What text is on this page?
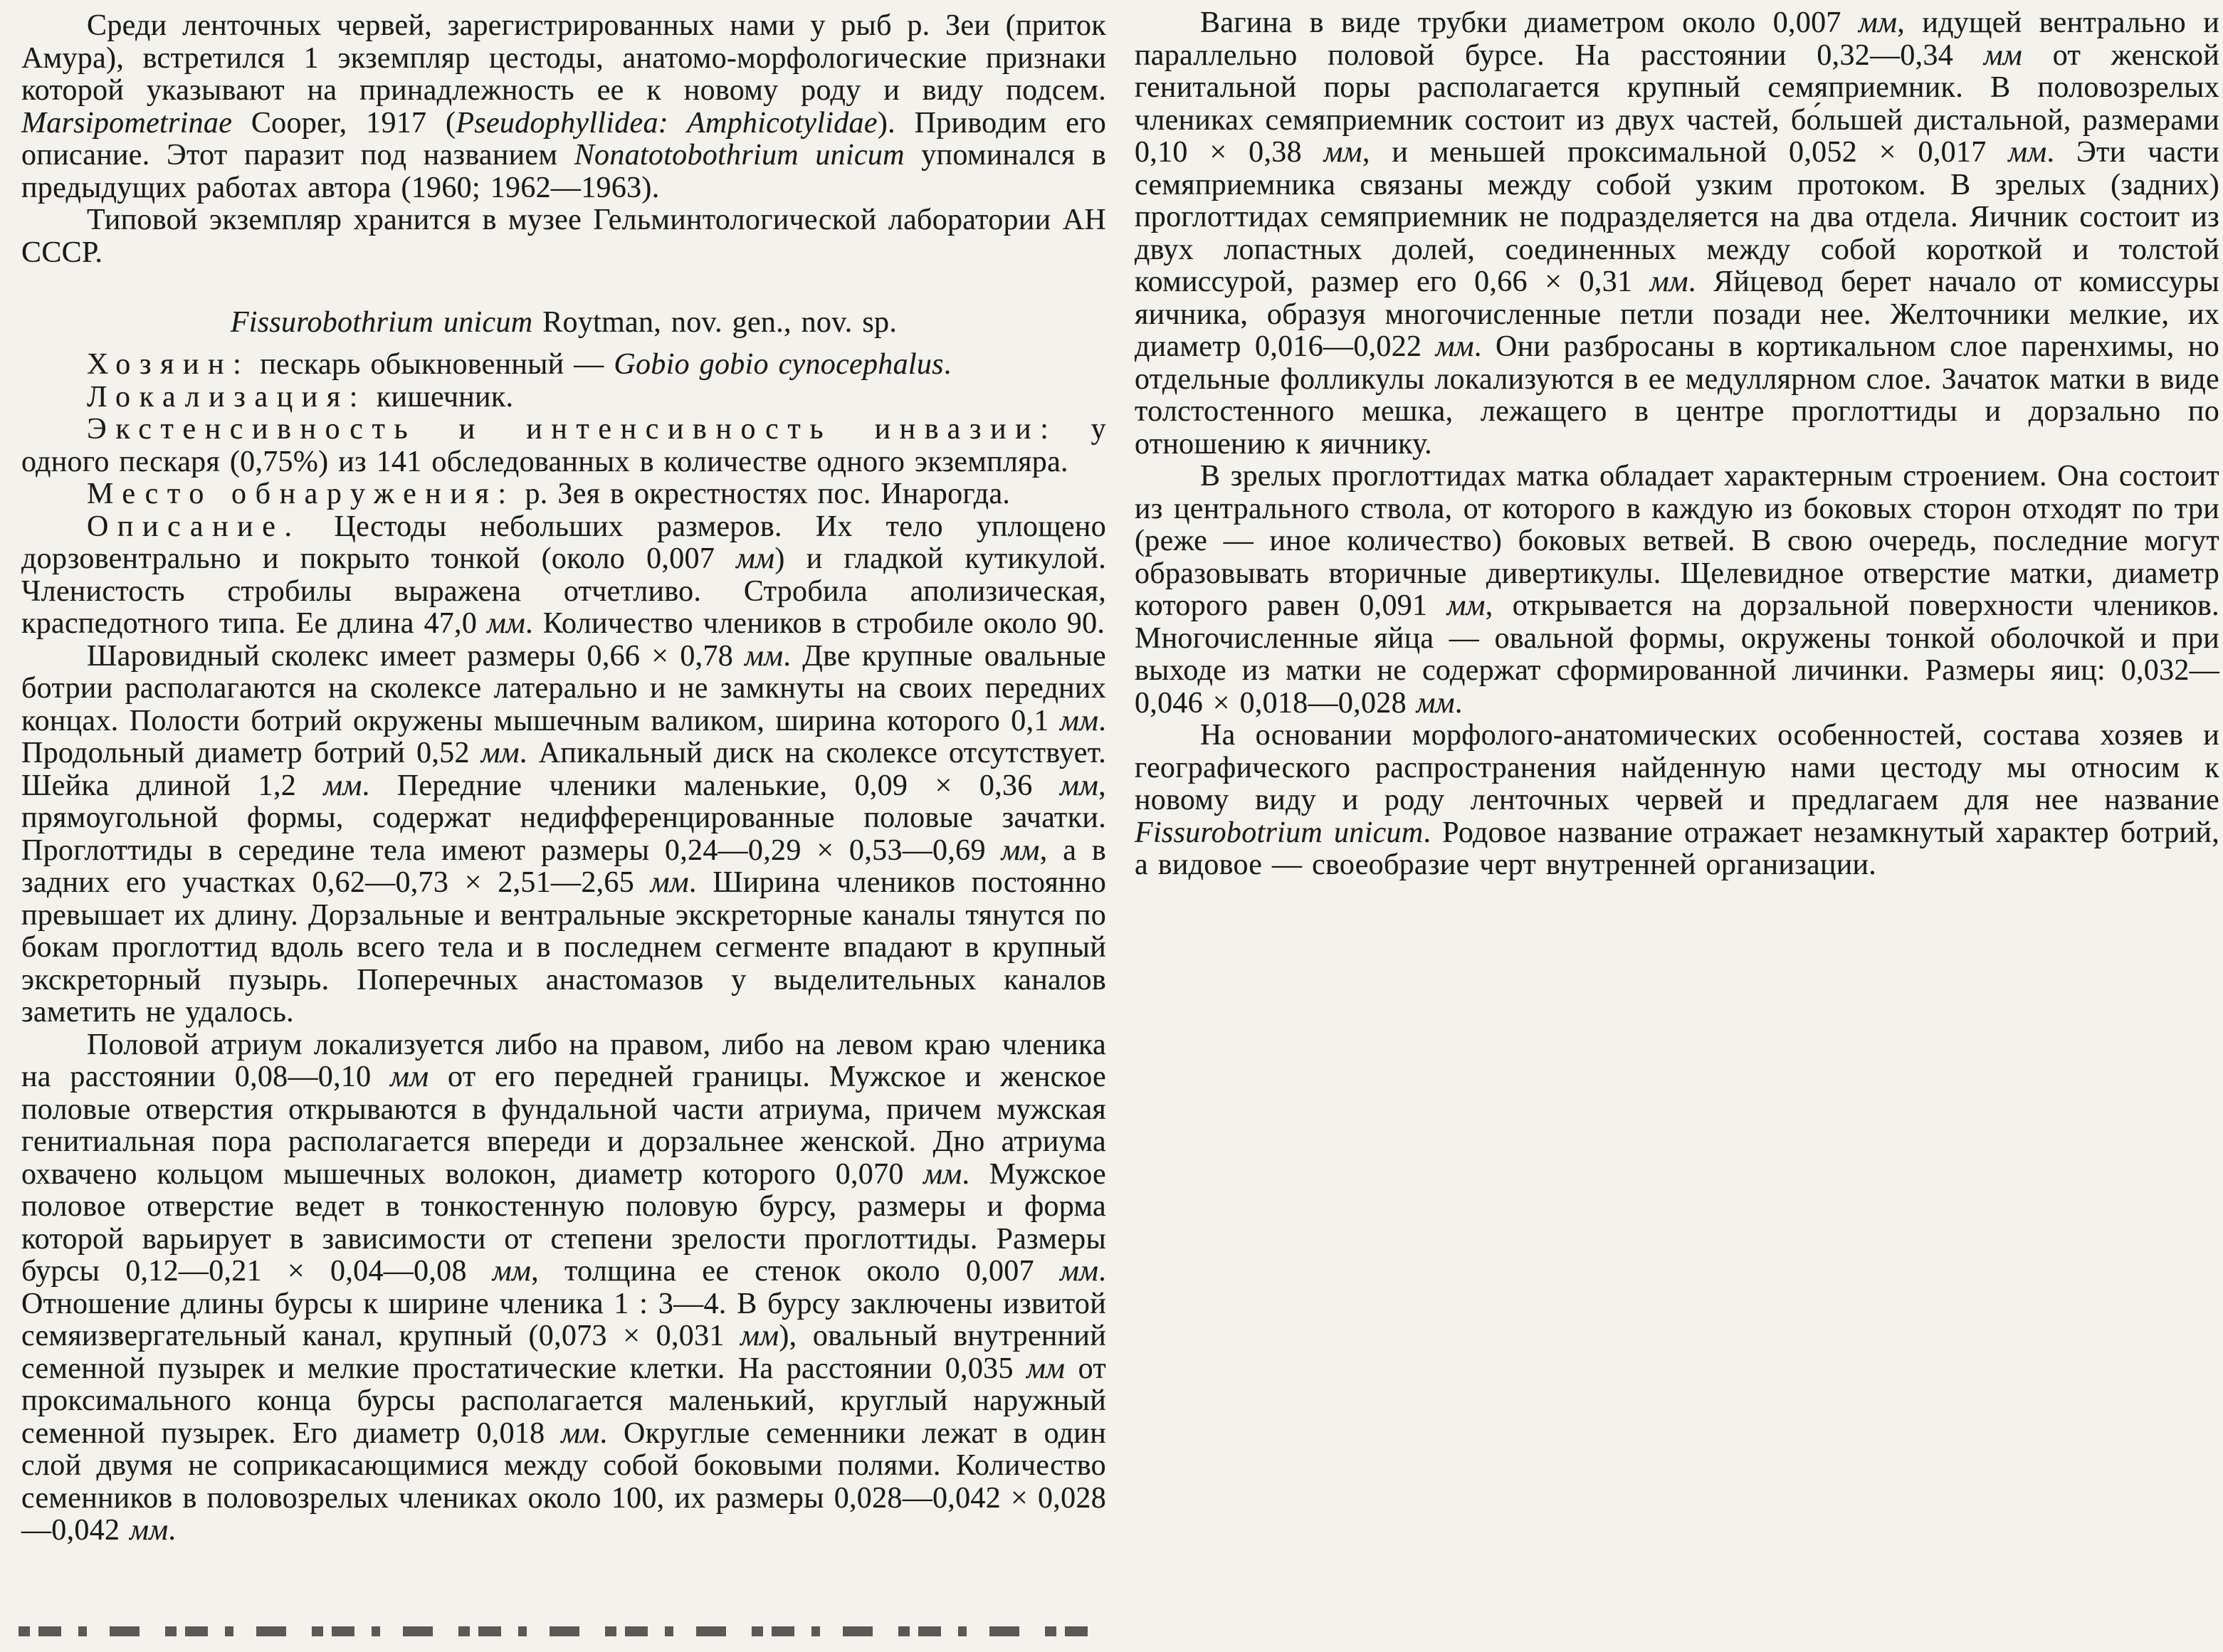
Среди ленточных червей, зарегистрированных нами у рыб р. Зеи (приток Амура), встретился 1 экземпляр цестоды, анатомо-морфологические признаки которой указывают на принадлежность ее к новому роду и виду подсем. Marsipometrinae Cooper, 1917 (Pseudophyllidea: Amphicotylidae). Приводим его описание. Этот паразит под названием Nonatotobothrium unicum упоминался в предыдущих работах автора (1960; 1962—1963).

Типовой экземпляр хранится в музее Гельминтологической лаборатории АН СССР.

Fissurobothrium unicum Roytman, nov. gen., nov. sp.

Хозяин: пескарь обыкновенный — Gobio gobio cynocephalus.

Локализация: кишечник.

Экстенсивность и интенсивность инвазии: у одного пескаря (0,75%) из 141 обследованных в количестве одного экземпляра.

Место обнаружения: р. Зея в окрестностях пос. Инарогда.

Описание. Цестоды небольших размеров. Их тело уплощено дорзовентрально и покрыто тонкой (около 0,007 мм) и гладкой кутикулой. Членистость стробилы выражена отчетливо. Стробила аполизическая, краспедотного типа. Ее длина 47,0 мм. Количество члеников в стробиле около 90.

Шаровидный сколекс имеет размеры 0,66 × 0,78 мм. Две крупные овальные ботрии располагаются на сколексе латерально и не замкнуты на своих передних концах. Полости ботрий окружены мышечным валиком, ширина которого 0,1 мм. Продольный диаметр ботрий 0,52 мм. Апикальный диск на сколексе отсутствует. Шейка длиной 1,2 мм. Передние членики маленькие, 0,09 × 0,36 мм, прямоугольной формы, содержат недифференцированные половые зачатки. Проглоттиды в середине тела имеют размеры 0,24—0,29 × 0,53—0,69 мм, а в задних его участках 0,62—0,73 × 2,51—2,65 мм. Ширина члеников постоянно превышает их длину. Дорзальные и вентральные экскреторные каналы тянутся по бокам проглоттид вдоль всего тела и в последнем сегменте впадают в крупный экскреторный пузырь. Поперечных анастомазов у выделительных каналов заметить не удалось.

Половой атриум локализуется либо на правом, либо на левом краю членика на расстоянии 0,08—0,10 мм от его передней границы. Мужское и женское половые отверстия открываются в фундальной части атриума, причем мужская генитиальная пора располагается впереди и дорзальнее женской. Дно атриума охвачено кольцом мышечных волокон, диаметр которого 0,070 мм. Мужское половое отверстие ведет в тонкостенную половую бурсу, размеры и форма которой варьирует в зависимости от степени зрелости проглоттиды. Размеры бурсы 0,12—0,21 × 0,04—0,08 мм, толщина ее стенок около 0,007 мм. Отношение длины бурсы к ширине членика 1 : 3—4. В бурсу заключены извитой семяизвергательный канал, крупный (0,073 × 0,031 мм), овальный внутренний семенной пузырек и мелкие простатические клетки. На расстоянии 0,035 мм от проксимального конца бурсы располагается маленький, круглый наружный семенной пузырек. Его диаметр 0,018 мм. Округлые семенники лежат в один слой двумя не соприкасающимися между собой боковыми полями. Количество семенников в половозрелых члениках около 100, их размеры 0,028—0,042 × 0,028—0,042 мм.

Вагина в виде трубки диаметром около 0,007 мм, идущей вентрально и параллельно половой бурсе. На расстоянии 0,32—0,34 мм от женской генитальной поры располагается крупный семяприемник. В половозрелых члениках семяприемник состоит из двух частей, бо́льшей дистальной, размерами 0,10 × 0,38 мм, и меньшей проксимальной 0,052 × 0,017 мм. Эти части семяприемника связаны между собой узким протоком. В зрелых (задних) проглоттидах семяприемник не подразделяется на два отдела. Яичник состоит из двух лопастных долей, соединенных между собой короткой и толстой комиссурой, размер его 0,66 × 0,31 мм. Яйцевод берет начало от комиссуры яичника, образуя многочисленные петли позади нее. Желточники мелкие, их диаметр 0,016—0,022 мм. Они разбросаны в кортикальном слое паренхимы, но отдельные фолликулы локализуются в ее медуллярном слое. Зачаток матки в виде толстостенного мешка, лежащего в центре проглоттиды и дорзально по отношению к яичнику.

В зрелых проглоттидах матка обладает характерным строением. Она состоит из центрального ствола, от которого в каждую из боковых сторон отходят по три (реже — иное количество) боковых ветвей. В свою очередь, последние могут образовывать вторичные дивертикулы. Щелевидное отверстие матки, диаметр которого равен 0,091 мм, открывается на дорзальной поверхности члеников. Многочисленные яйца — овальной формы, окружены тонкой оболочкой и при выходе из матки не содержат сформированной личинки. Размеры яиц: 0,032—0,046 × 0,018—0,028 мм.

На основании морфолого-анатомических особенностей, состава хозяев и географического распространения найденную нами цестоду мы относим к новому виду и роду ленточных червей и предлагаем для нее название Fissurobotrium unicum. Родовое название отражает незамкнутый характер ботрий, а видовое — своеобразие черт внутренней организации.
